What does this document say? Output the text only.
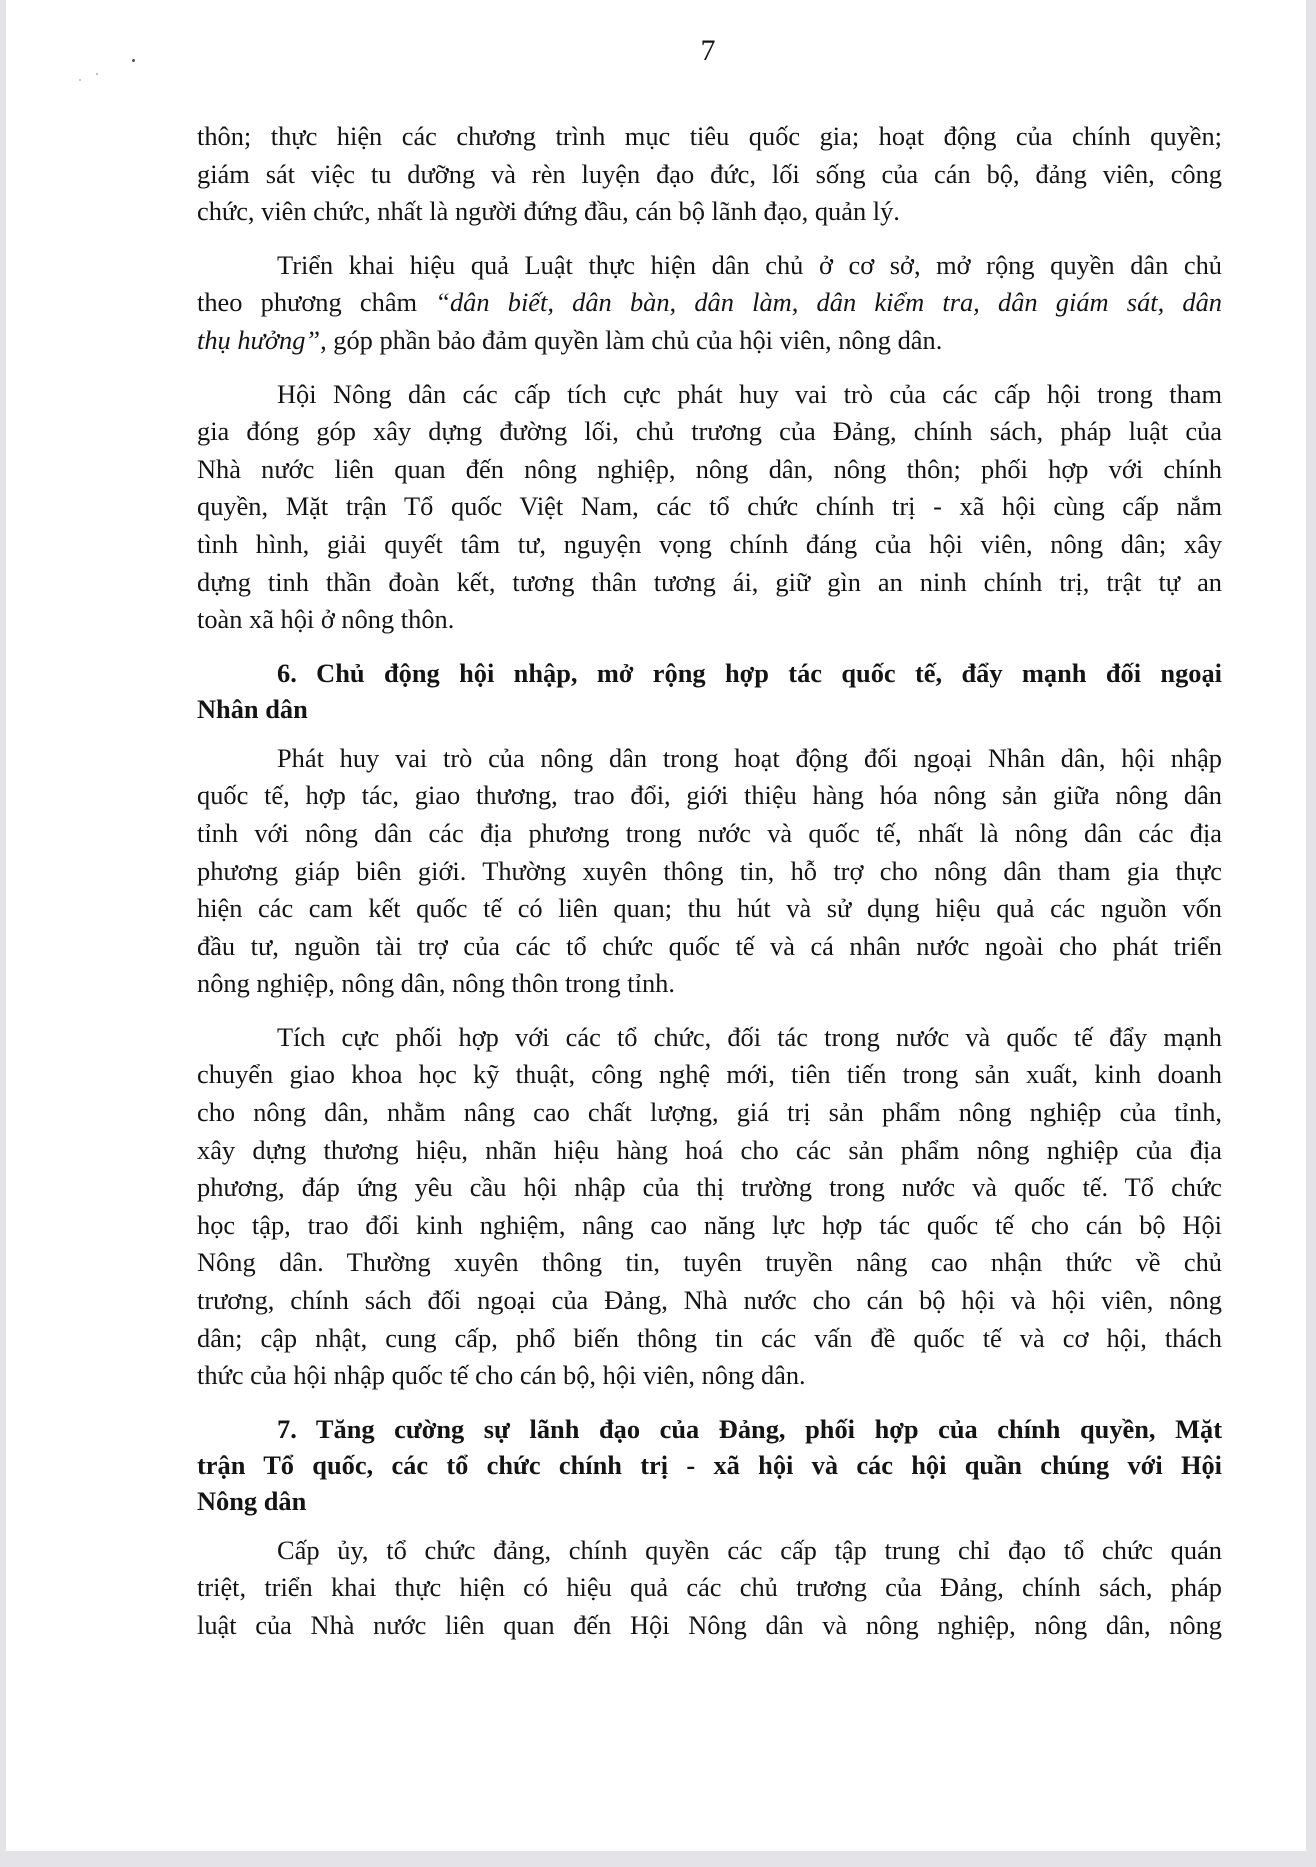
7
thôn; thực hiện các chương trình mục tiêu quốc gia; hoạt động của chính quyền;
giám sát việc tu dưỡng và rèn luyện đạo đức, lối sống của cán bộ, đảng viên, công
chức, viên chức, nhất là người đứng đầu, cán bộ lãnh đạo, quản lý.
Triển khai hiệu quả Luật thực hiện dân chủ ở cơ sở, mở rộng quyền dân chủ
theo phương châm “dân biết, dân bàn, dân làm, dân kiểm tra, dân giám sát, dân
thụ hưởng”, góp phần bảo đảm quyền làm chủ của hội viên, nông dân.
Hội Nông dân các cấp tích cực phát huy vai trò của các cấp hội trong tham
gia đóng góp xây dựng đường lối, chủ trương của Đảng, chính sách, pháp luật của
Nhà nước liên quan đến nông nghiệp, nông dân, nông thôn; phối hợp với chính
quyền, Mặt trận Tổ quốc Việt Nam, các tổ chức chính trị - xã hội cùng cấp nắm
tình hình, giải quyết tâm tư, nguyện vọng chính đáng của hội viên, nông dân; xây
dựng tinh thần đoàn kết, tương thân tương ái, giữ gìn an ninh chính trị, trật tự an
toàn xã hội ở nông thôn.
6. Chủ động hội nhập, mở rộng hợp tác quốc tế, đẩy mạnh đối ngoại
Nhân dân
Phát huy vai trò của nông dân trong hoạt động đối ngoại Nhân dân, hội nhập
quốc tế, hợp tác, giao thương, trao đổi, giới thiệu hàng hóa nông sản giữa nông dân
tỉnh với nông dân các địa phương trong nước và quốc tế, nhất là nông dân các địa
phương giáp biên giới. Thường xuyên thông tin, hỗ trợ cho nông dân tham gia thực
hiện các cam kết quốc tế có liên quan; thu hút và sử dụng hiệu quả các nguồn vốn
đầu tư, nguồn tài trợ của các tổ chức quốc tế và cá nhân nước ngoài cho phát triển
nông nghiệp, nông dân, nông thôn trong tỉnh.
Tích cực phối hợp với các tổ chức, đối tác trong nước và quốc tế đẩy mạnh
chuyển giao khoa học kỹ thuật, công nghệ mới, tiên tiến trong sản xuất, kinh doanh
cho nông dân, nhằm nâng cao chất lượng, giá trị sản phẩm nông nghiệp của tỉnh,
xây dựng thương hiệu, nhãn hiệu hàng hoá cho các sản phẩm nông nghiệp của địa
phương, đáp ứng yêu cầu hội nhập của thị trường trong nước và quốc tế. Tổ chức
học tập, trao đổi kinh nghiệm, nâng cao năng lực hợp tác quốc tế cho cán bộ Hội
Nông dân. Thường xuyên thông tin, tuyên truyền nâng cao nhận thức về chủ
trương, chính sách đối ngoại của Đảng, Nhà nước cho cán bộ hội và hội viên, nông
dân; cập nhật, cung cấp, phổ biến thông tin các vấn đề quốc tế và cơ hội, thách
thức của hội nhập quốc tế cho cán bộ, hội viên, nông dân.
7. Tăng cường sự lãnh đạo của Đảng, phối hợp của chính quyền, Mặt
trận Tổ quốc, các tổ chức chính trị - xã hội và các hội quần chúng với Hội
Nông dân
Cấp ủy, tổ chức đảng, chính quyền các cấp tập trung chỉ đạo tổ chức quán
triệt, triển khai thực hiện có hiệu quả các chủ trương của Đảng, chính sách, pháp
luật của Nhà nước liên quan đến Hội Nông dân và nông nghiệp, nông dân, nông
